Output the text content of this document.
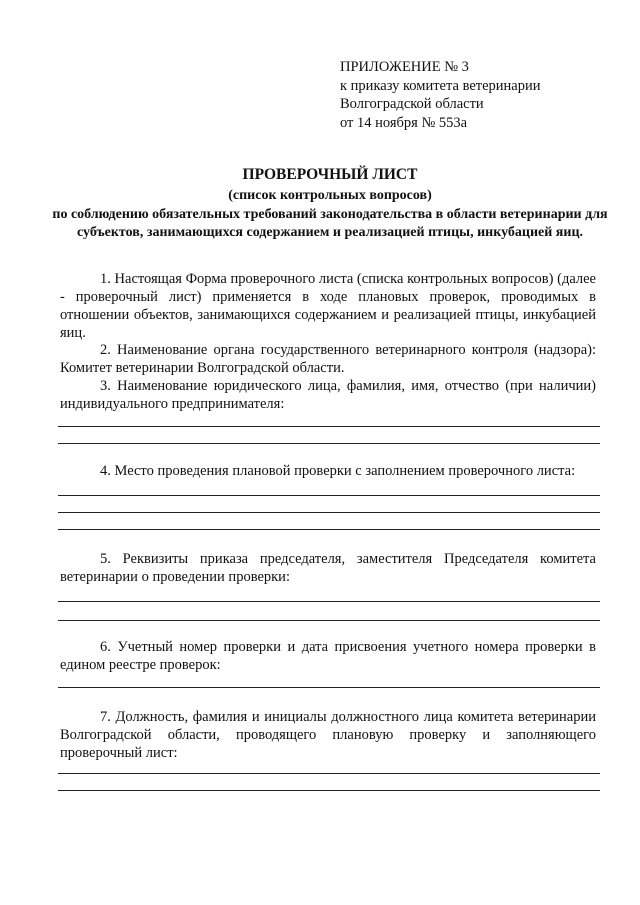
ПРИЛОЖЕНИЕ № 3
к приказу комитета ветеринарии
Волгоградской области
от 14 ноября № 553а
ПРОВЕРОЧНЫЙ ЛИСТ
(список контрольных вопросов)
по соблюдению обязательных требований законодательства в области ветеринарии для субъектов, занимающихся содержанием и реализацией птицы, инкубацией яиц.
1. Настоящая Форма проверочного листа (списка контрольных вопросов) (далее - проверочный лист) применяется в ходе плановых проверок, проводимых в отношении объектов, занимающихся содержанием и реализацией птицы, инкубацией яиц.
2. Наименование органа государственного ветеринарного контроля (надзора): Комитет ветеринарии Волгоградской области.
3. Наименование юридического лица, фамилия, имя, отчество (при наличии) индивидуального предпринимателя:
4. Место проведения плановой проверки с заполнением проверочного листа:
5. Реквизиты приказа председателя, заместителя Председателя комитета ветеринарии о проведении проверки:
6. Учетный номер проверки и дата присвоения учетного номера проверки в едином реестре проверок:
7. Должность, фамилия и инициалы должностного лица комитета ветеринарии Волгоградской области, проводящего плановую проверку и заполняющего проверочный лист:
